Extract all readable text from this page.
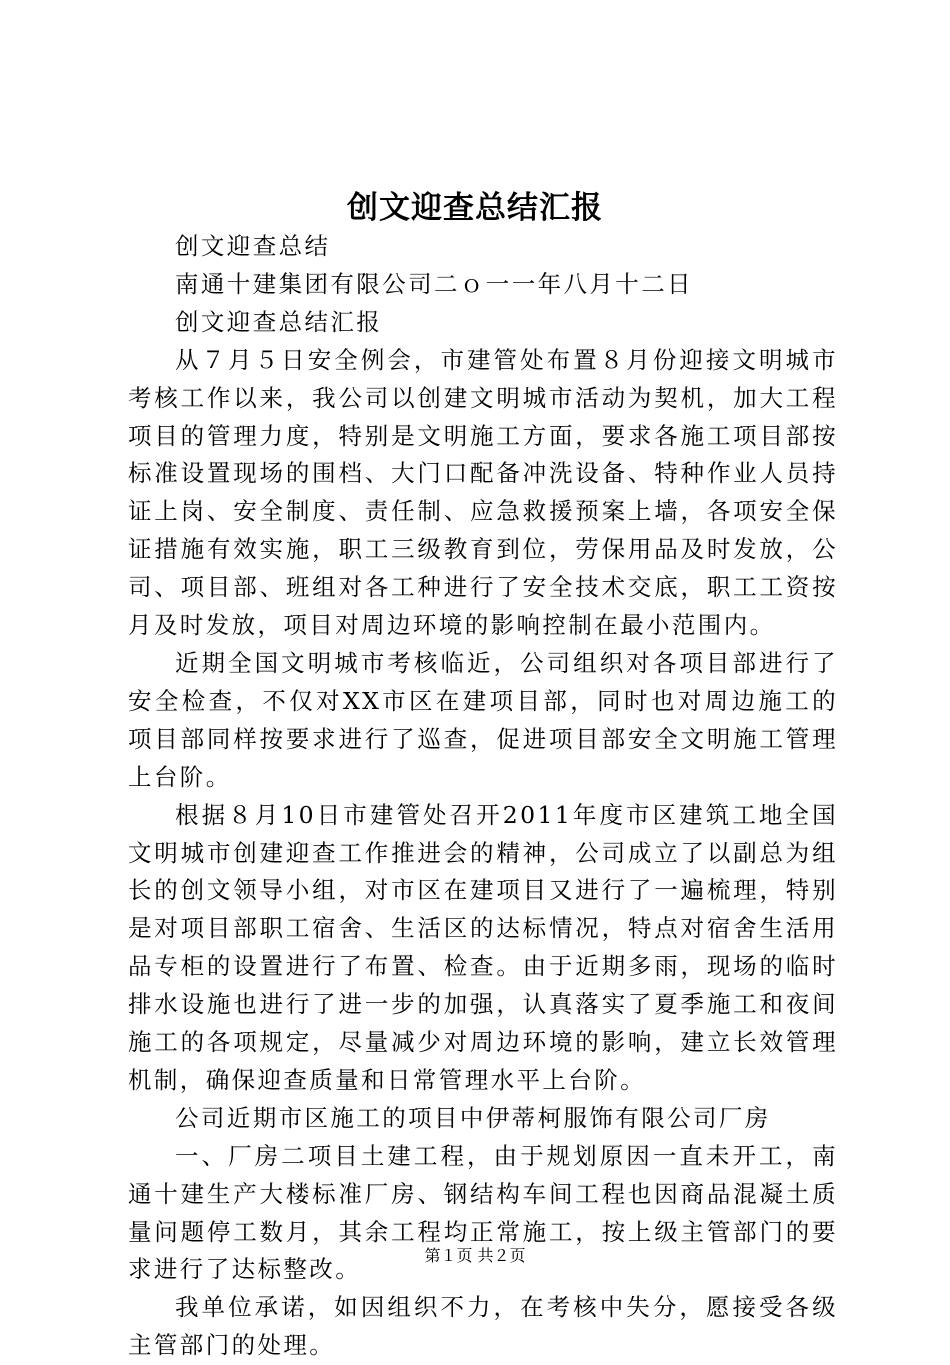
创文迎查总结汇报

创文迎查总结

南通十建集团有限公司二ｏ一一年八月十二日

创文迎查总结汇报

从７月５日安全例会，市建管处布置８月份迎接文明城市考核工作以来，我公司以创建文明城市活动为契机，加大工程项目的管理力度，特别是文明施工方面，要求各施工项目部按标准设置现场的围档、大门口配备冲洗设备、特种作业人员持证上岗、安全制度、责任制、应急救援预案上墙，各项安全保证措施有效实施，职工三级教育到位，劳保用品及时发放，公司、项目部、班组对各工种进行了安全技术交底，职工工资按月及时发放，项目对周边环境的影响控制在最小范围内。

近期全国文明城市考核临近，公司组织对各项目部进行了安全检查，不仅对XX市区在建项目部，同时也对周边施工的项目部同样按要求进行了巡查，促进项目部安全文明施工管理上台阶。

根据８月10日市建管处召开2011年度市区建筑工地全国文明城市创建迎查工作推进会的精神，公司成立了以副总为组长的创文领导小组，对市区在建项目又进行了一遍梳理，特别是对项目部职工宿舍、生活区的达标情况，特点对宿舍生活用品专柜的设置进行了布置、检查。由于近期多雨，现场的临时排水设施也进行了进一步的加强，认真落实了夏季施工和夜间施工的各项规定，尽量减少对周边环境的影响，建立长效管理机制，确保迎查质量和日常管理水平上台阶。

公司近期市区施工的项目中伊蒂柯服饰有限公司厂房

一、厂房二项目土建工程，由于规划原因一直未开工，南通十建生产大楼标准厂房、钢结构车间工程也因商品混凝土质量问题停工数月，其余工程均正常施工，按上级主管部门的要求进行了达标整改。

我单位承诺，如因组织不力，在考核中失分，愿接受各级主管部门的处理。

第１页 共２页
